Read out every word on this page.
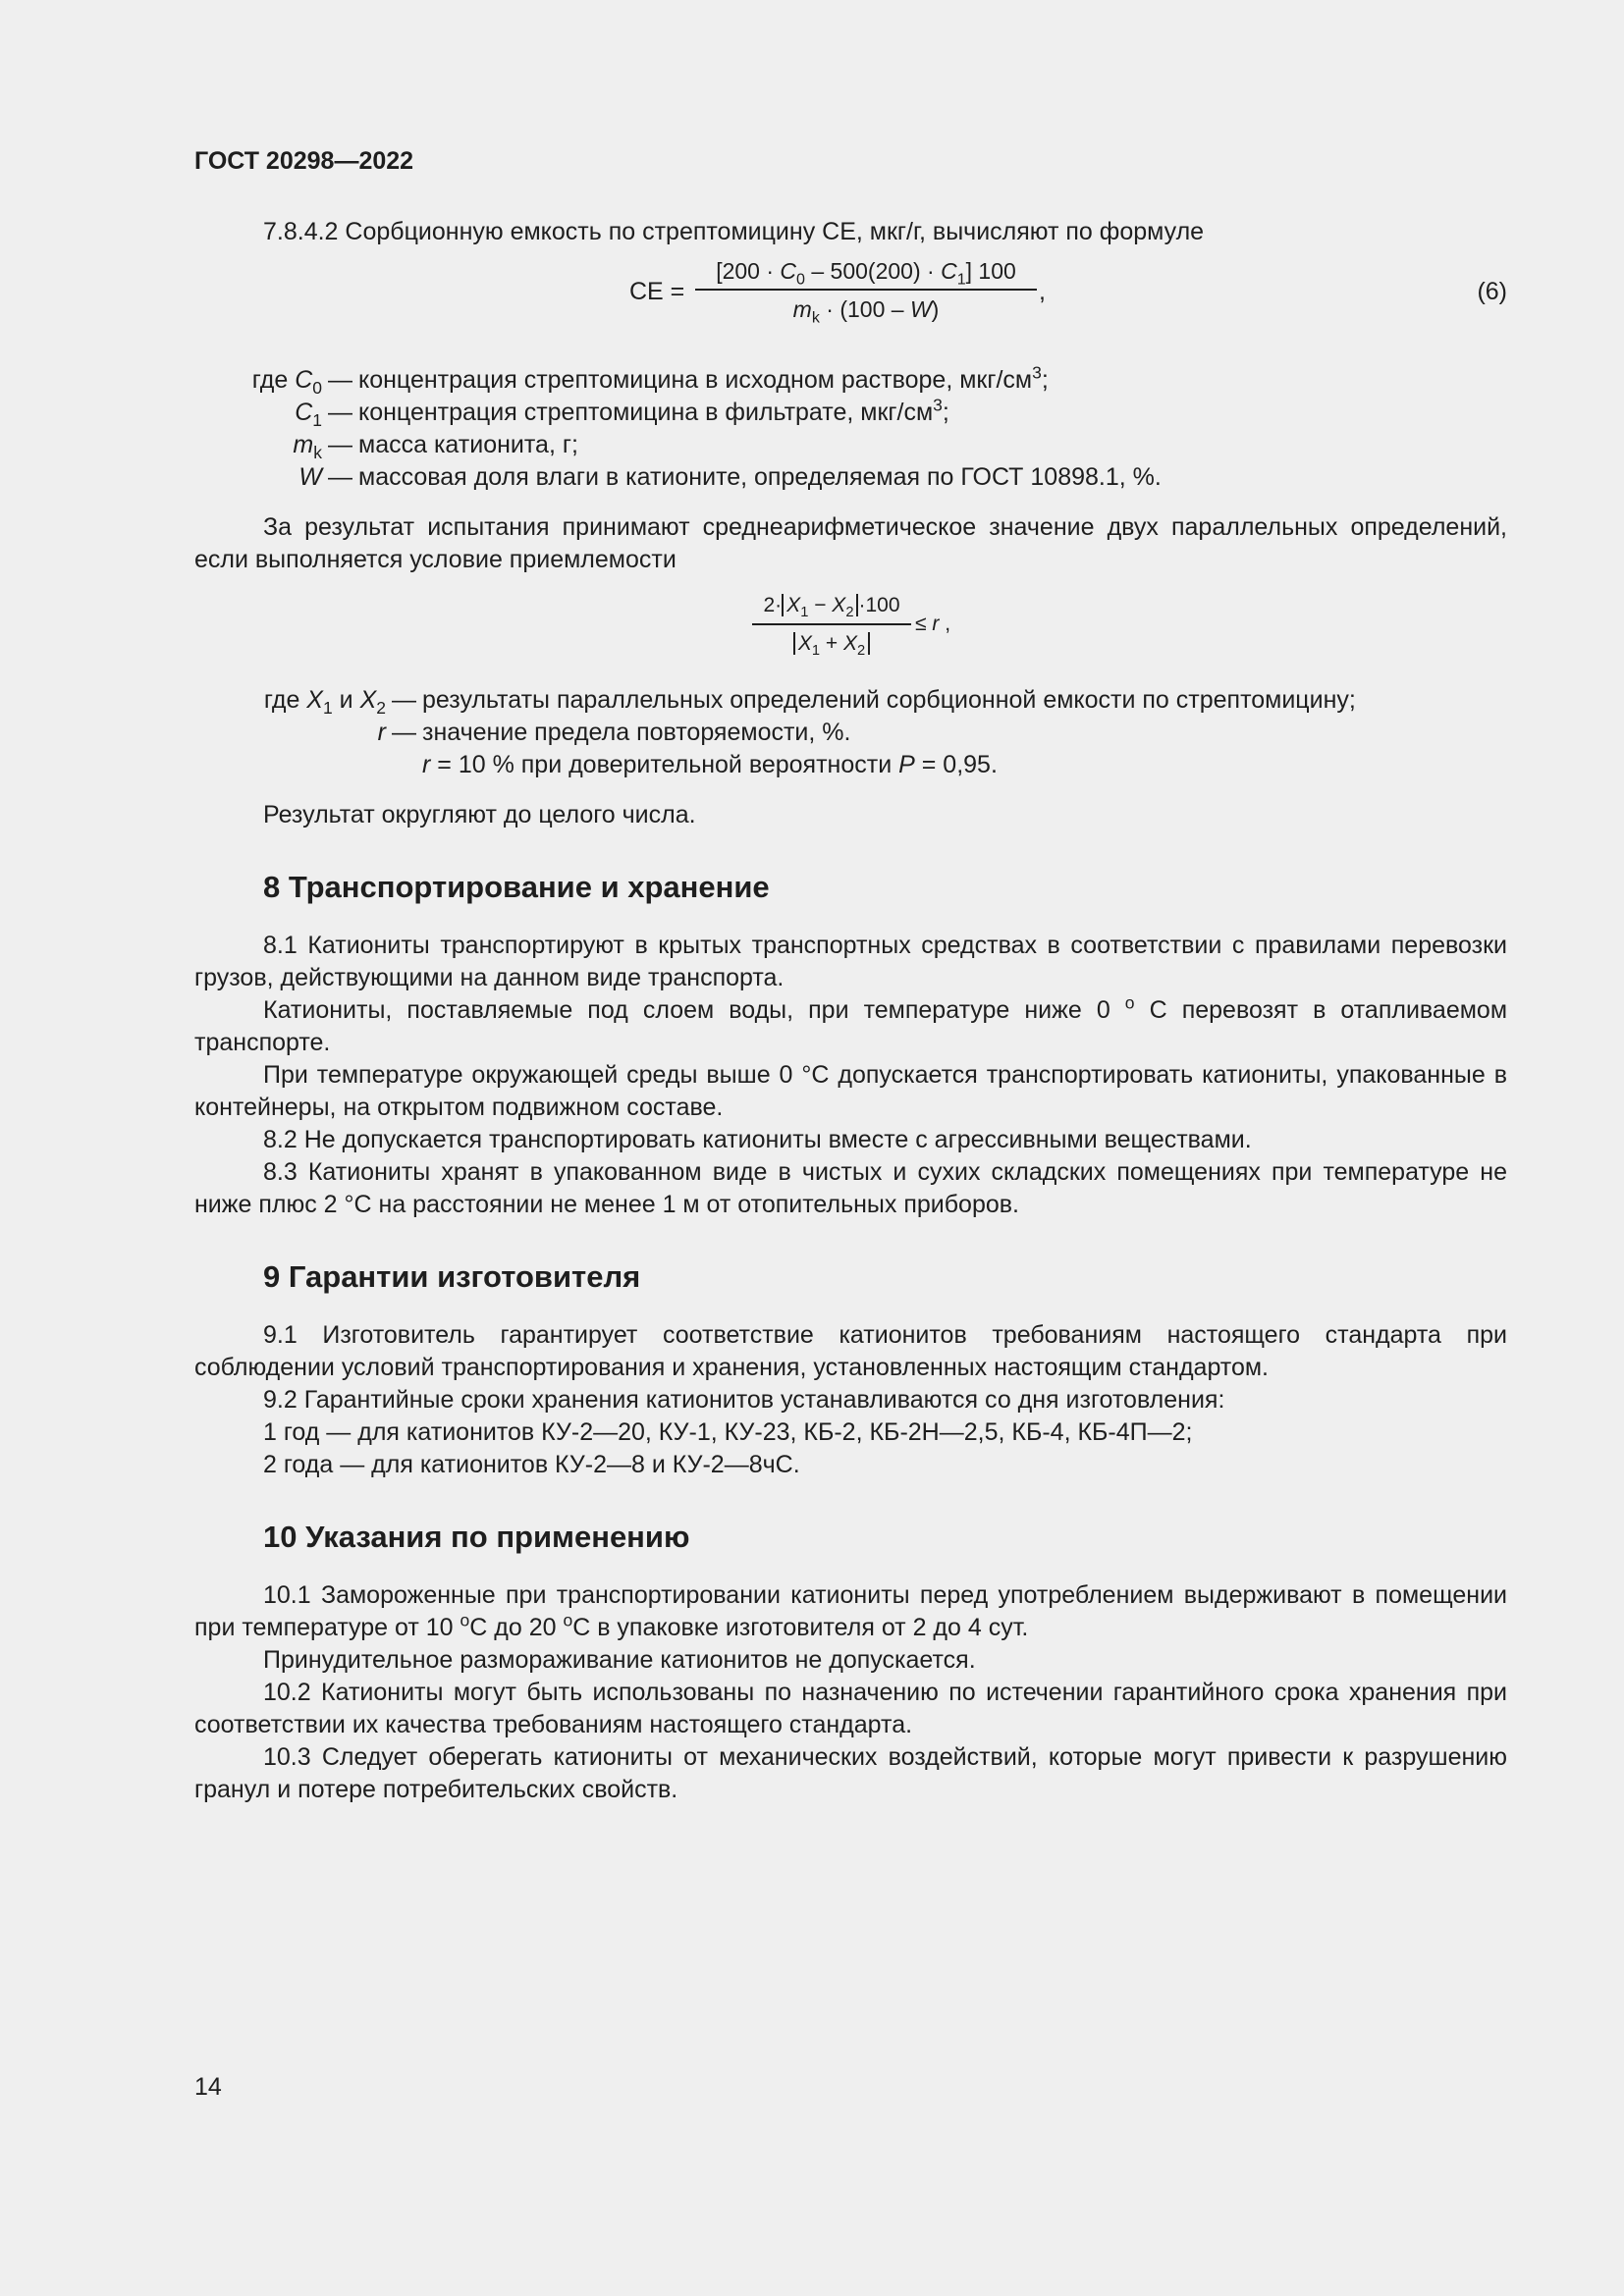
ГОСТ 20298—2022

7.8.4.2 Сорбционную емкость по стрептомицину СЕ, мкг/г, вычисляют по формуле

CE =
$[200 \cdot C_0 - 500(200) \cdot C_1]$ 100
$m_k \cdot (100 - W)$
,	(6)
где $C_0$ — концентрация стрептомицина в исходном растворе, мкг/$см^3$;
$C_1$ — концентрация стрептомицина в фильтрате, мкг/$см^3$;
$m_k$ — масса катионита, г;
W — массовая доля влаги в катионите, определяемая по ГОСТ 10898.1, %.

За результат испытания принимают среднеарифметическое значение двух параллельных определений, если выполняется условие приемлемости

$2\cdot X_1 - X_2 \cdot 100$
$X_1 + X_2$
≤ r ,
где $X_1$ и $X_2$ — результаты параллельных определений сорбционной емкости по стрептомицину;
r — значение предела повторяемости, %.
r = 10 % при доверительной вероятности P = 0,95.

Результат округляют до целого числа.

8 Транспортирование и хранение

8.1 Катиониты транспортируют в крытых транспортных средствах в соответствии с правилами перевозки грузов, действующими на данном виде транспорта.

Катиониты, поставляемые под слоем воды, при температуре ниже 0 $^о$ С перевозят в отапливаемом транспорте.

При температуре окружающей среды выше 0 °С допускается транспортировать катиониты, упакованные в контейнеры, на открытом подвижном составе.

8.2 Не допускается транспортировать катиониты вместе с агрессивными веществами.

8.3 Катиониты хранят в упакованном виде в чистых и сухих складских помещениях при температуре не ниже плюс 2 °С на расстоянии не менее 1 м от отопительных приборов.

9 Гарантии изготовителя

9.1 Изготовитель гарантирует соответствие катионитов требованиям настоящего стандарта при соблюдении условий транспортирования и хранения, установленных настоящим стандартом.

9.2 Гарантийные сроки хранения катионитов устанавливаются со дня изготовления:

1 год — для катионитов КУ-2—20, КУ-1, КУ-23, КБ-2, КБ-2Н—2,5, КБ-4, КБ-4П—2;

2 года — для катионитов КУ-2—8 и КУ-2—8чС.

10 Указания по применению

10.1 Замороженные при транспортировании катиониты перед употреблением выдерживают в помещении при температуре от 10 $^о$С до 20 $^о$С в упаковке изготовителя от 2 до 4 сут.

Принудительное размораживание катионитов не допускается.

10.2 Катиониты могут быть использованы по назначению по истечении гарантийного срока хранения при соответствии их качества требованиям настоящего стандарта.

10.3 Следует оберегать катиониты от механических воздействий, которые могут привести к разрушению гранул и потере потребительских свойств.

14
